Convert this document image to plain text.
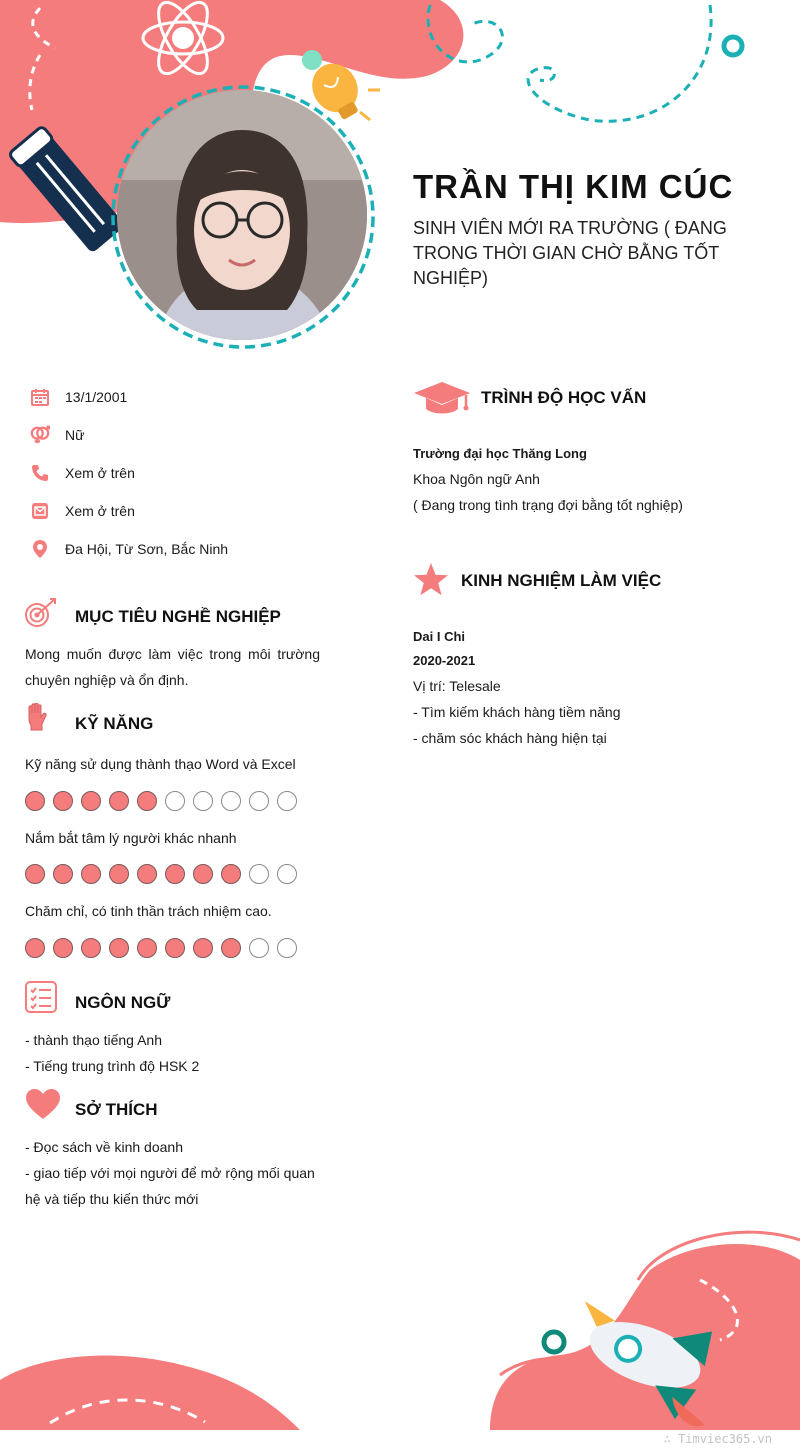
TRẦN THỊ KIM CÚC
SINH VIÊN MỚI RA TRƯỜNG ( ĐANG TRONG THỜI GIAN CHỜ BẰNG TỐT NGHIỆP)
13/1/2001
Nữ
Xem ở trên
Xem ở trên
Đa Hội, Từ Sơn, Bắc Ninh
MỤC TIÊU NGHỀ NGHIỆP
Mong muốn được làm việc trong môi trường
chuyên nghiệp và ổn định.
KỸ NĂNG
Kỹ năng sử dụng thành thạo Word và Excel
Nắm bắt tâm lý người khác nhanh
Chăm chỉ, có tinh thần trách nhiệm cao.
NGÔN NGỮ
- thành thạo tiếng Anh
- Tiếng trung trình độ HSK 2
SỞ THÍCH
- Đọc sách về kinh doanh
- giao tiếp với mọi người để mở rộng mối quan
hệ và tiếp thu kiến thức mới
TRÌNH ĐỘ HỌC VẤN
Trường đại học Thăng Long
Khoa Ngôn ngữ Anh
( Đang trong tình trạng đợi bằng tốt nghiệp)
KINH NGHIỆM LÀM VIỆC
Dai I Chi
2020-2021
Vị trí: Telesale
- Tìm kiếm khách hàng tiềm năng
- chăm sóc khách hàng hiện tại
∴ Timviec365.vn
